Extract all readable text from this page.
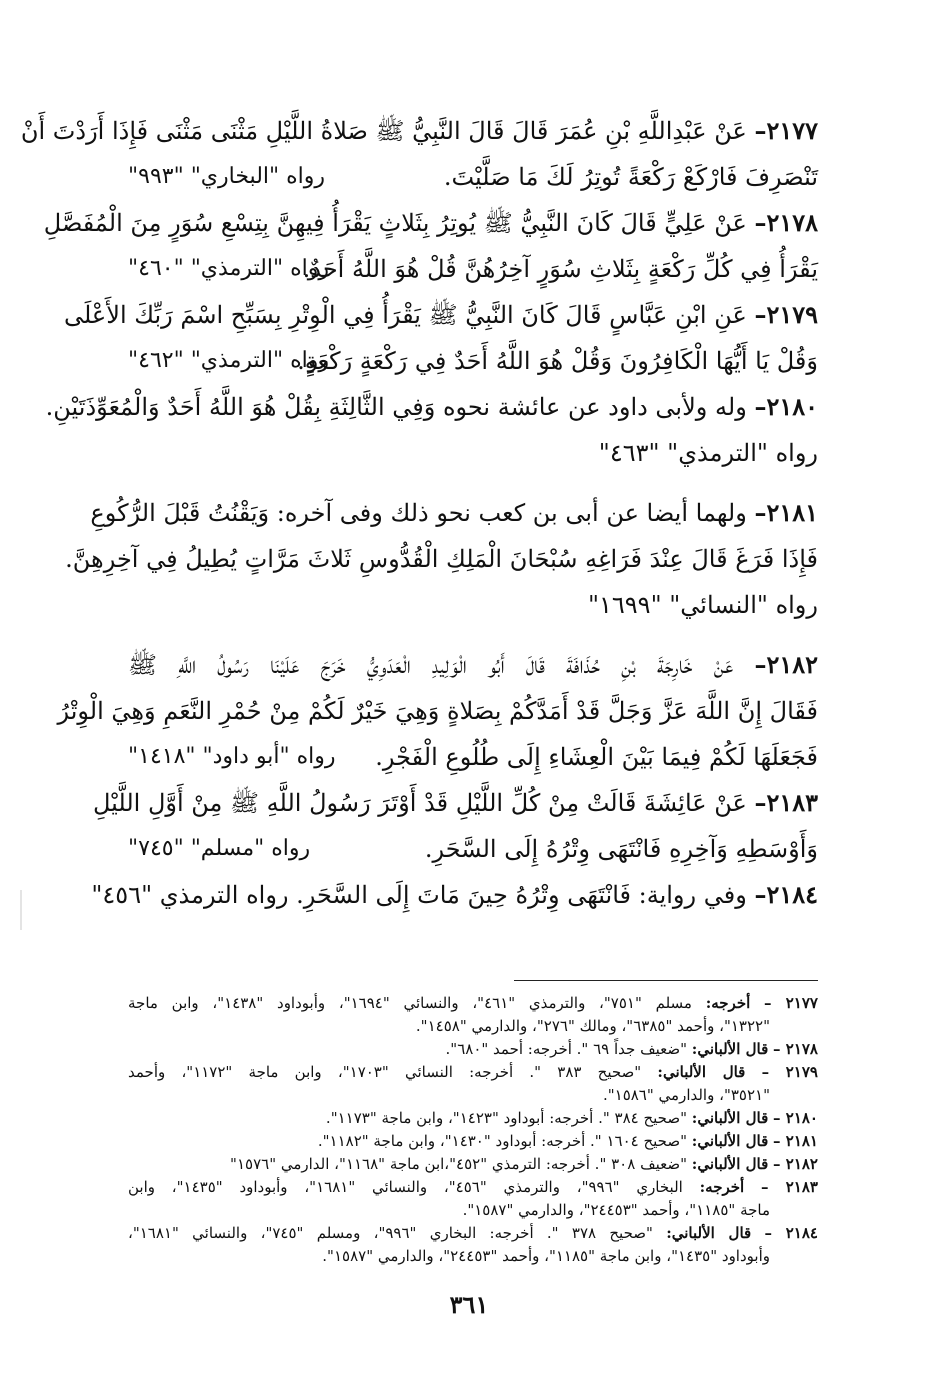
٢١٧٧– عَنْ عَبْدِاللَّهِ بْنِ عُمَرَ قَالَ قَالَ النَّبِيُّ ﷺ صَلاةُ اللَّيْلِ مَثْنَى مَثْنَى فَإِذَا أَرَدْتَ أَنْ
رواه "البخاري" "٩٩٣"	تَنْصَرِفَ فَارْكَعْ رَكْعَةً تُوتِرُ لَكَ مَا صَلَّيْتَ.
٢١٧٨– عَنْ عَلِيٍّ قَالَ كَانَ النَّبِيُّ ﷺ يُوتِرُ بِثَلاثٍ يَقْرَأُ فِيهِنَّ بِتِسْعِ سُوَرٍ مِنَ الْمُفَصَّلِ
رواه "الترمذي" "٤٦٠"
يَقْرَأُ فِي كُلِّ رَكْعَةٍ بِثَلاثِ سُوَرٍ آخِرُهُنَّ قُلْ هُوَ اللَّهُ أَحَدٌ.
٢١٧٩– عَنِ ابْنِ عَبَّاسٍ قَالَ كَانَ النَّبِيُّ ﷺ يَقْرَأُ فِي الْوِتْرِ بِسَبِّحِ اسْمَ رَبِّكَ الأَعْلَى
رواه "الترمذي" "٤٦٢"
وَقُلْ يَا أَيُّهَا الْكَافِرُونَ وَقُلْ هُوَ اللَّهُ أَحَدٌ فِي رَكْعَةٍ رَكْعَةٍ.
٢١٨٠– وله ولأبى داود عن عائشة نحوه وَفِي الثَّالِثَةِ بِقُلْ هُوَ اللَّهُ أَحَدٌ وَالْمُعَوِّذَتَيْنِ.
رواه "الترمذي" "٤٦٣"
٢١٨١– ولهما أيضا عن أبى بن كعب نحو ذلك وفى آخره: وَيَقْنُتُ قَبْلَ الرُّكُوعِ
فَإِذَا فَرَغَ قَالَ عِنْدَ فَرَاغِهِ سُبْحَانَ الْمَلِكِ الْقُدُّوسِ ثَلاثَ مَرَّاتٍ يُطِيلُ فِي آخِرِهِنَّ.
رواه "النسائي" "١٦٩٩"
٢١٨٢– عَنْ خَارِجَةَ بْنِ حُذَافَةَ قَالَ أَبُو الْوَلِيدِ الْعَدَوِيُّ خَرَجَ عَلَيْنَا رَسُولُ اللَّهِ ﷺ
فَقَالَ إِنَّ اللَّهَ عَزَّ وَجَلَّ قَدْ أَمَدَّكُمْ بِصَلاةٍ وَهِيَ خَيْرٌ لَكُمْ مِنْ حُمْرِ النَّعَمِ وَهِيَ الْوِتْرُ
رواه "أبو داود" "١٤١٨" فَجَعَلَهَا لَكُمْ فِيمَا بَيْنَ الْعِشَاءِ إِلَى طُلُوعِ الْفَجْرِ.
٢١٨٣– عَنْ عَائِشَةَ قَالَتْ مِنْ كُلِّ اللَّيْلِ قَدْ أَوْتَرَ رَسُولُ اللَّهِ ﷺ مِنْ أَوَّلِ اللَّيْلِ
رواه "مسلم" "٧٤٥"	وَأَوْسَطِهِ وَآخِرِهِ فَانْتَهَى وِتْرُهُ إِلَى السَّحَرِ.
٢١٨٤– وفي رواية: فَانْتَهَى وِتْرُهُ حِينَ مَاتَ إِلَى السَّحَرِ. رواه الترمذي "٤٥٦"
٢١٧٧ – أخرجه: مسلم "٧٥١"، والترمذي "٤٦١"، والنسائي "١٦٩٤"، وأبوداود "١٤٣٨"، وابن ماجة
"١٣٢٢"، وأحمد "٦٣٨٥"، ومالك "٢٧٦"، والدارمي "١٤٥٨".
٢١٧٨ – قال الألباني: "ضعيف جداً ٦٩ ". أخرجه: أحمد "٦٨٠".
٢١٧٩ – قال الألباني: "صحيح ٣٨٣ ". أخرجه: النسائي "١٧٠٣"، وابن ماجة "١١٧٢"، وأحمد
"٣٥٢١"، والدارمي "١٥٨٦".
٢١٨٠ – قال الألباني: "صحيح ٣٨٤ ". أخرجه: أبوداود "١٤٢٣"، وابن ماجة "١١٧٣".
٢١٨١ – قال الألباني: "صحيح ١٦٠٤ ". أخرجه: أبوداود "١٤٣٠"، وابن ماجة "١١٨٢".
٢١٨٢ – قال الألباني: "ضعيف ٣٠٨ ". أخرجه: الترمذي "٤٥٢"،ابن ماجة "١١٦٨"، الدارمي "١٥٧٦"
٢١٨٣ – أخرجه: البخاري "٩٩٦"، والترمذي "٤٥٦"، والنسائي "١٦٨١"، وأبوداود "١٤٣٥"، وابن
ماجة "١١٨٥"، وأحمد "٢٤٤٥٣"، والدارمي "١٥٨٧".
٢١٨٤ – قال الألباني: "صحيح ٣٧٨ ". أخرجه: البخاري "٩٩٦"، ومسلم "٧٤٥"، والنسائي "١٦٨١"،
وأبوداود "١٤٣٥"، وابن ماجة "١١٨٥"، وأحمد "٢٤٤٥٣"، والدارمي "١٥٨٧".
٣٦١
